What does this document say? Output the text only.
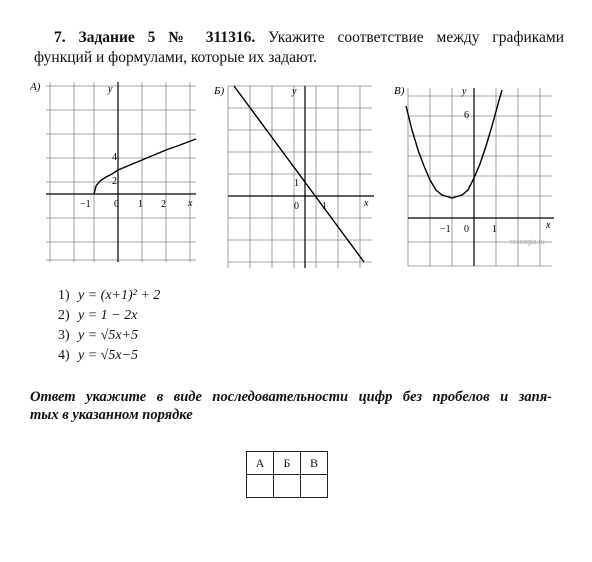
7. Задание 5 № 311316. Укажите соответствие между графиками
функций и формулами, которые их задают.
А)	y
x
−1 0 1 2
2
4
Б)	y
x
0 1
1
В)	y
x
−1 0 1
6
rescogia.ru
1) y = (x+1)² + 2
2) y = 1 − 2x
3) y = √5x+5
4) y = √5x−5
Ответ укажите в виде последовательности цифр без пробелов и запя-
тых в указанном порядке
А	Б	В
